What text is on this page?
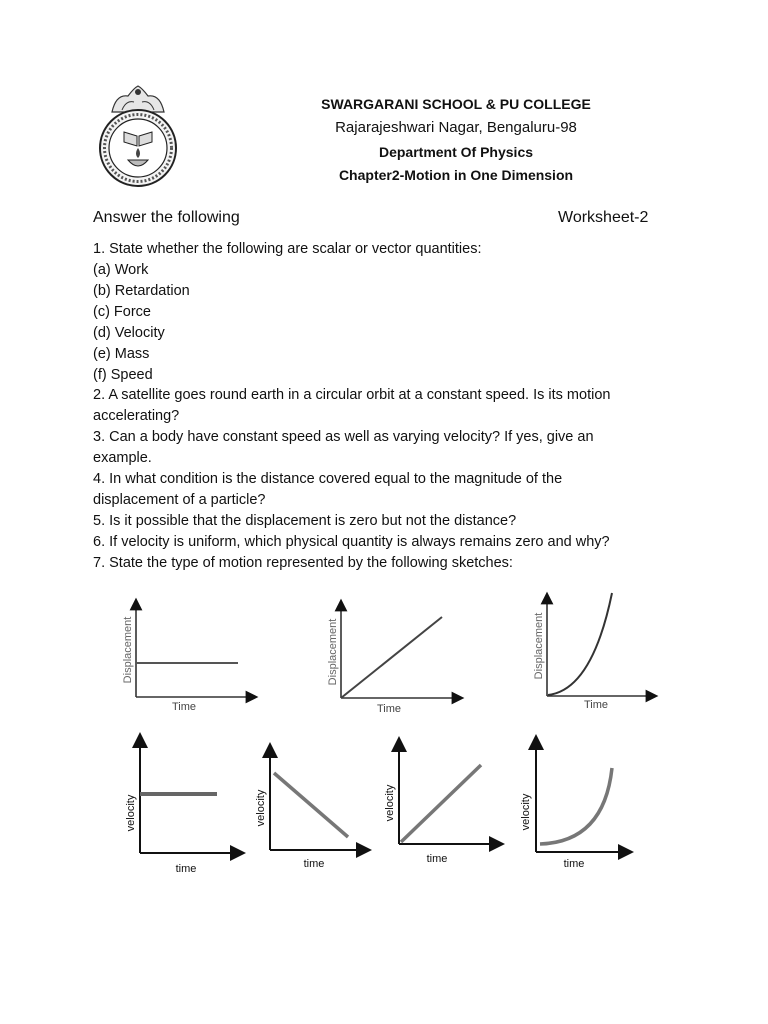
SWARGARANI SCHOOL & PU COLLEGE
Rajarajeshwari Nagar, Bengaluru-98
Department Of Physics
Chapter2-Motion in One Dimension
Answer the following	Worksheet-2
1. State whether the following are scalar or vector quantities:
(a) Work
(b) Retardation
(c) Force
(d) Velocity
(e) Mass
(f) Speed
2. A satellite goes round earth in a circular orbit at a constant speed. Is its motion
accelerating?
3. Can a body have constant speed as well as varying velocity? If yes, give an
example.
4. In what condition is the distance covered equal to the magnitude of the
displacement of a particle?
5. Is it possible that the displacement is zero but not the distance?
6. If velocity is uniform, which physical quantity is always remains zero and why?
7. State the type of motion represented by the following sketches:
Displacement
Time
Displacement
Time
Displacement
Time
velocity
time
velocity
time
velocity
time
velocity
time
